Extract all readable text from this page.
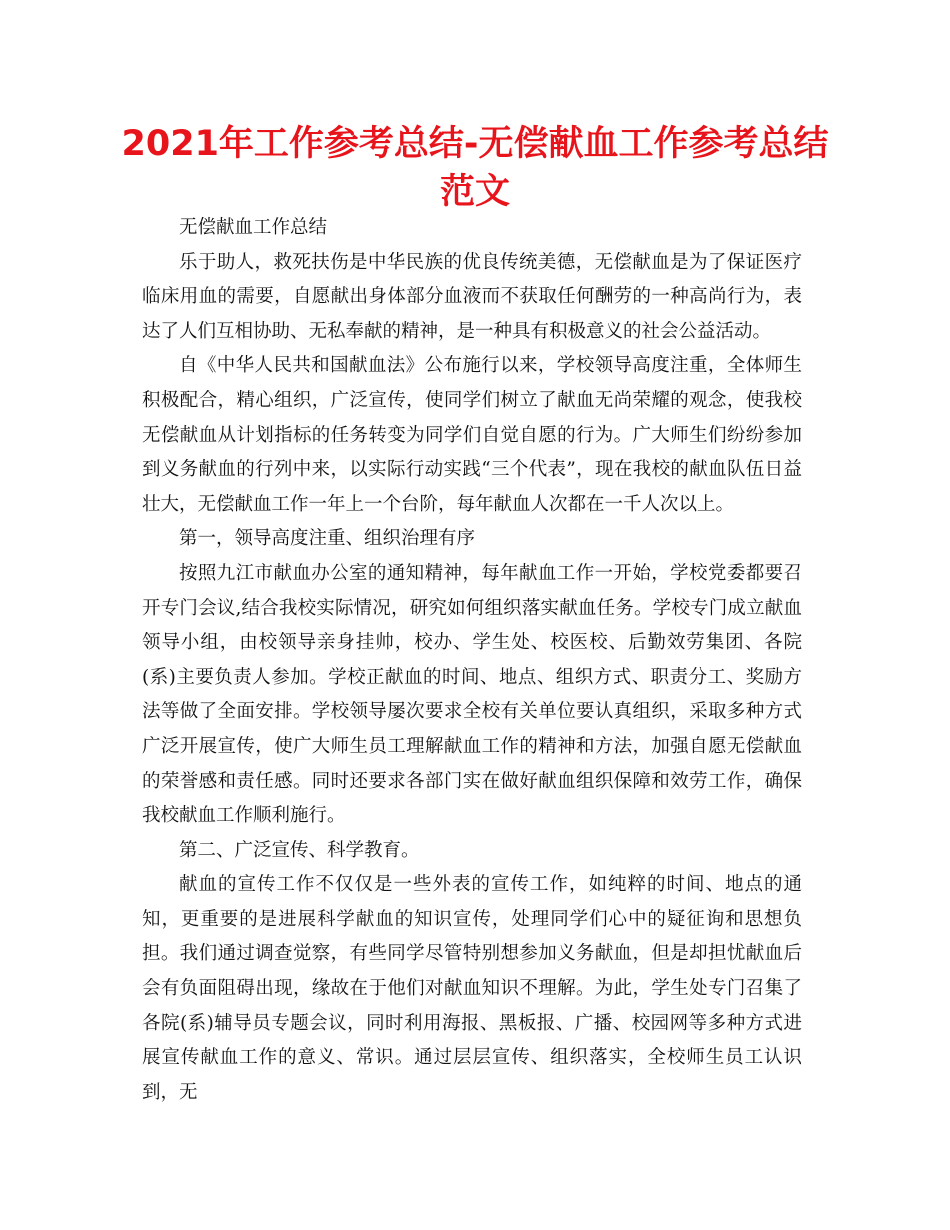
2021年工作参考总结-无偿献血工作参考总结范文

无偿献血工作总结

乐于助人，救死扶伤是中华民族的优良传统美德，无偿献血是为了保证医疗临床用血的需要，自愿献出身体部分血液而不获取任何酬劳的一种高尚行为，表达了人们互相协助、无私奉献的精神，是一种具有积极意义的社会公益活动。

自《中华人民共和国献血法》公布施行以来，学校领导高度注重，全体师生积极配合，精心组织，广泛宣传，使同学们树立了献血无尚荣耀的观念，使我校无偿献血从计划指标的任务转变为同学们自觉自愿的行为。广大师生们纷纷参加到义务献血的行列中来，以实际行动实践“三个代表”，现在我校的献血队伍日益壮大，无偿献血工作一年上一个台阶，每年献血人次都在一千人次以上。

第一，领导高度注重、组织治理有序

按照九江市献血办公室的通知精神，每年献血工作一开始，学校党委都要召开专门会议,结合我校实际情况，研究如何组织落实献血任务。学校专门成立献血领导小组，由校领导亲身挂帅，校办、学生处、校医校、后勤效劳集团、各院(系)主要负责人参加。学校正献血的时间、地点、组织方式、职责分工、奖励方法等做了全面安排。学校领导屡次要求全校有关单位要认真组织，采取多种方式广泛开展宣传，使广大师生员工理解献血工作的精神和方法，加强自愿无偿献血的荣誉感和责任感。同时还要求各部门实在做好献血组织保障和效劳工作，确保我校献血工作顺利施行。

第二、广泛宣传、科学教育。

献血的宣传工作不仅仅是一些外表的宣传工作，如纯粹的时间、地点的通知，更重要的是进展科学献血的知识宣传，处理同学们心中的疑征询和思想负担。我们通过调查觉察，有些同学尽管特别想参加义务献血，但是却担忧献血后会有负面阻碍出现，缘故在于他们对献血知识不理解。为此，学生处专门召集了各院(系)辅导员专题会议，同时利用海报、黑板报、广播、校园网等多种方式进展宣传献血工作的意义、常识。通过层层宣传、组织落实，全校师生员工认识到，无
